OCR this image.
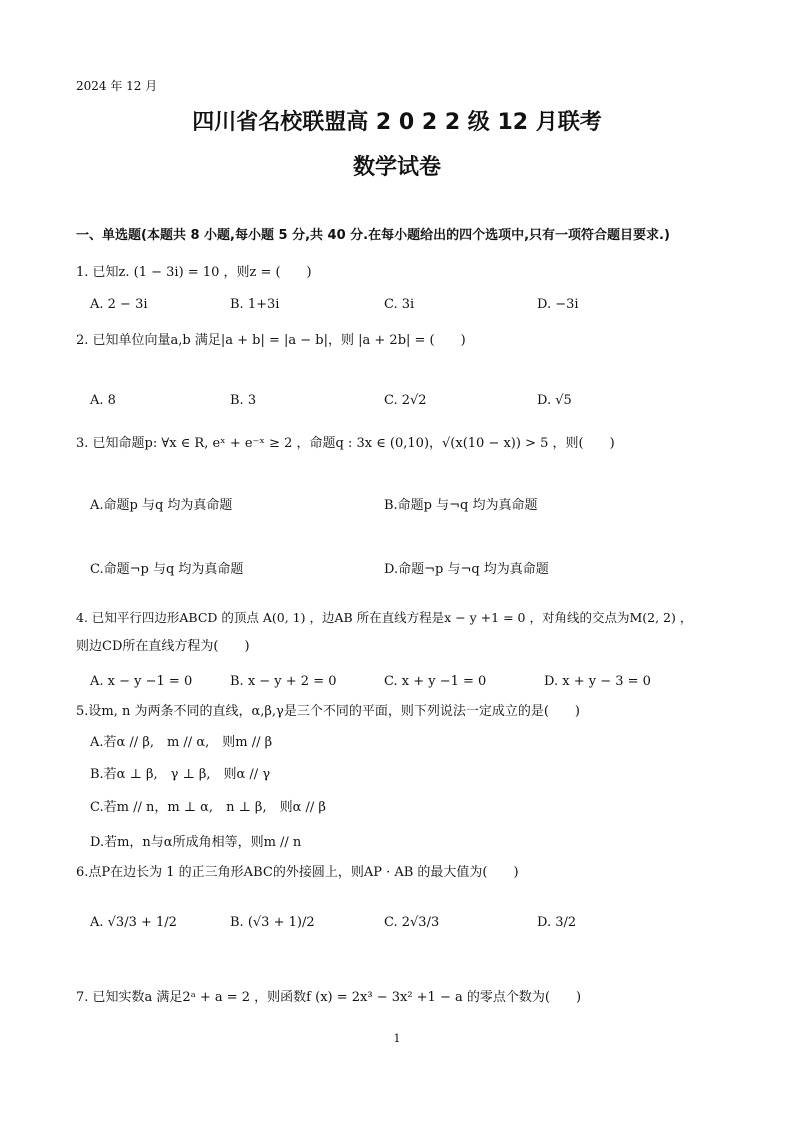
2024 年 12 月
四川省名校联盟高 2 0 2 2 级 12 月联考
数学试卷
一、单选题(本题共 8 小题,每小题 5 分,共 40 分.在每小题给出的四个选项中,只有一项符合题目要求.)
1. 已知z. (1 − 3i) = 10 ，则z = (　　)
A. 2 − 3i	B. 1+3i	C. 3i	D. −3i
2. 已知单位向量a,b 满足|a + b| = |a − b|，则 |a + 2b| = (　　)
A. 8	B. 3	C. 2√2	D. √5
3. 已知命题p: ∀x ∈ R, eˣ + e⁻ˣ ≥ 2 ，命题q : 3x ∈ (0,10)，√(x(10 − x)) > 5 ，则(　　)
A.命题p 与q 均为真命题	B.命题p 与¬q 均为真命题
C.命题¬p 与q 均为真命题	D.命题¬p 与¬q 均为真命题
4. 已知平行四边形ABCD 的顶点 A(0, 1) ，边AB 所在直线方程是x − y +1 = 0 ，对角线的交点为M(2, 2) ，
则边CD所在直线方程为(　　)
A. x − y −1 = 0	B. x − y + 2 = 0	C. x + y −1 = 0	D. x + y − 3 = 0
5.设m, n 为两条不同的直线，α,β,γ是三个不同的平面，则下列说法一定成立的是(　　)
A.若α // β,　m // α,　则m // β
B.若α ⊥ β,　γ ⊥ β,　则α // γ
C.若m // n，m ⊥ α,　n ⊥ β,　则α // β
D.若m，n与α所成角相等，则m // n
6.点P在边长为 1 的正三角形ABC的外接圆上，则AP · AB 的最大值为(　　)
A. √3/3 + 1/2	B. (√3 + 1)/2	C. 2√3/3	D. 3/2
7. 已知实数a 满足2ᵃ + a = 2 ，则函数f (x) = 2x³ − 3x² +1 − a 的零点个数为(　　)
1
